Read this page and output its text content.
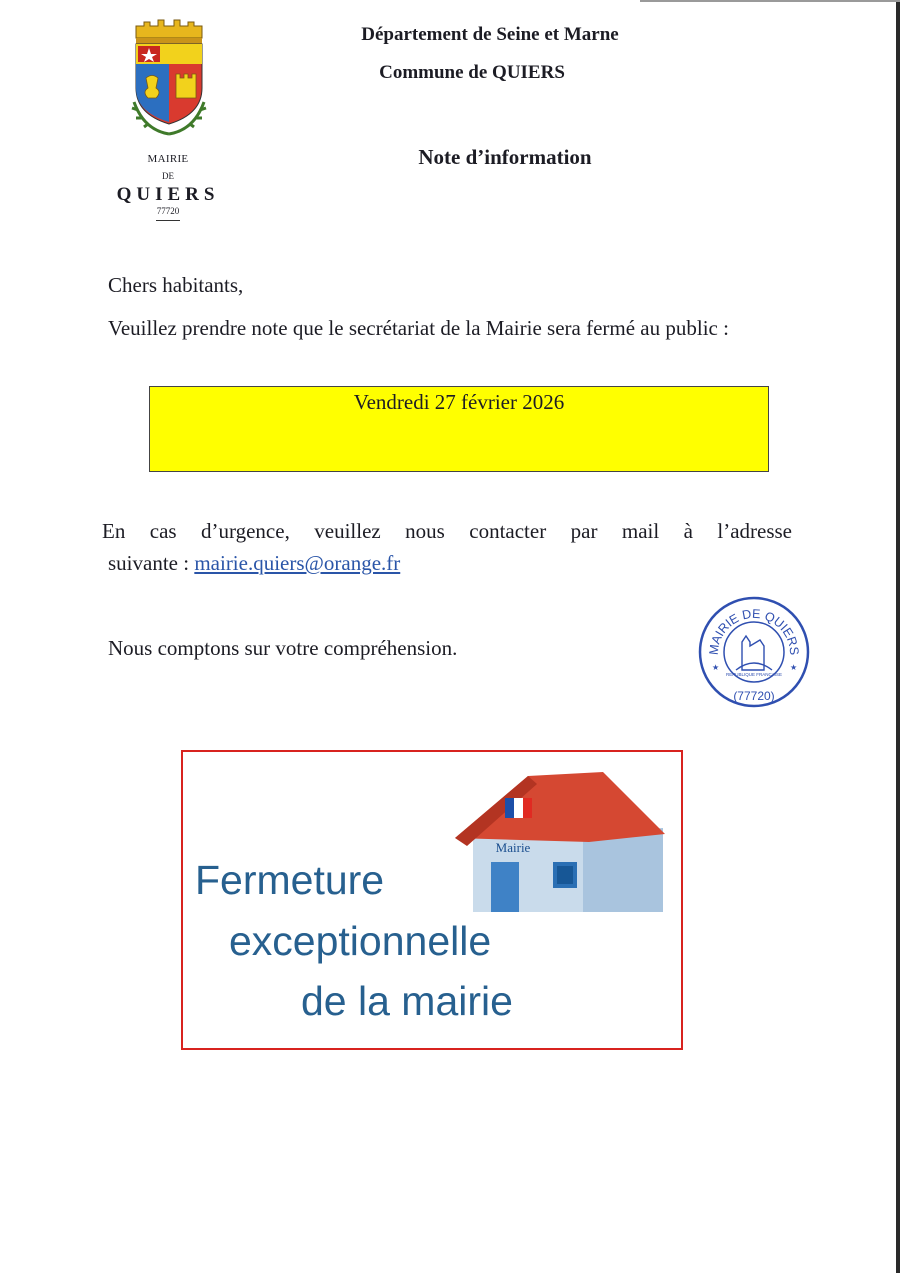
MAIRIE
DE
QUIERS
77720
Département de Seine et Marne
Commune de QUIERS
Note d’information
Chers habitants,
Veuillez prendre note que le secrétariat de la Mairie sera fermé au public :
Vendredi 27 février 2026
En cas d’urgence, veuillez nous contacter par mail à l’adresse
suivante : mairie.quiers@orange.fr
Nous comptons sur votre compréhension.	MAIRIE DE QUIERS
REPUBLIQUE FRANCAISE
(77720)
★	★
Mairie
Fermeture
exceptionnelle
de la mairie
